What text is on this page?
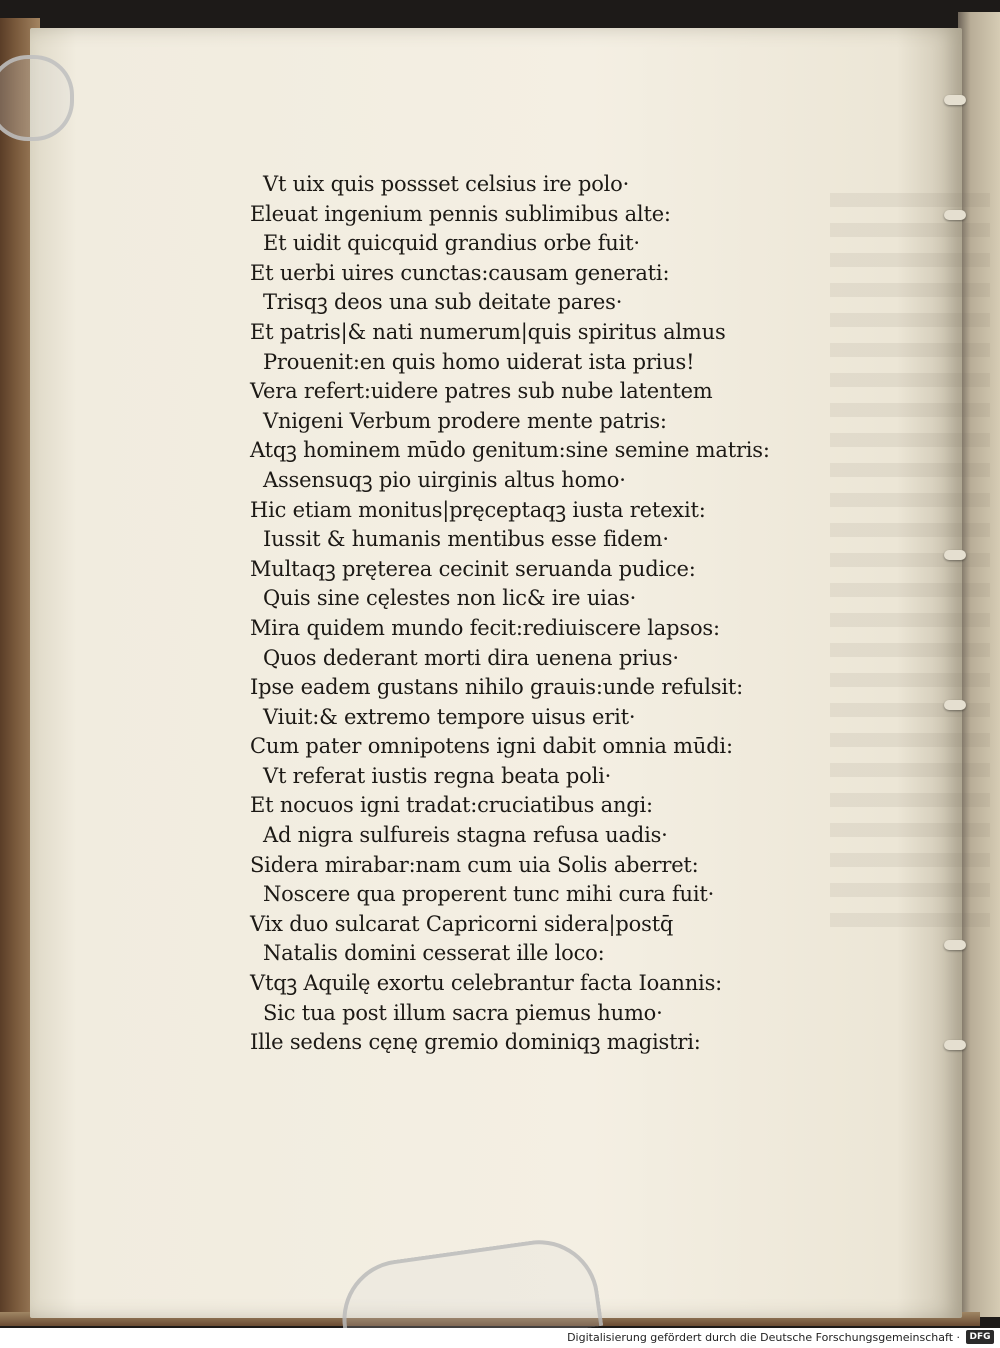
Vt uix quis possset celsius ire polo·
Eleuat ingenium pennis sublimibus alte:
Et uidit quicquid grandius orbe fuit·
Et uerbi uires cunctas:causam generati:
Trisqꝫ deos una sub deitate pares·
Et patris|& nati numerum|quis spiritus almus
Prouenit:en quis homo uiderat ista prius!
Vera refert:uidere patres sub nube latentem
Vnigeni Verbum prodere mente patris:
Atqꝫ hominem mūdo genitum:sine semine matris:
Assensuqꝫ pio uirginis altus homo·
Hic etiam monitus|pręceptaqꝫ iusta retexit:
Iussit & humanis mentibus esse fidem·
Multaqꝫ pręterea cecinit seruanda pudice:
Quis sine cęlestes non lic& ire uias·
Mira quidem mundo fecit:rediuiscere lapsos:
Quos dederant morti dira uenena prius·
Ipse eadem gustans nihilo grauis:unde refulsit:
Viuit:& extremo tempore uisus erit·
Cum pater omnipotens igni dabit omnia mūdi:
Vt referat iustis regna beata poli·
Et nocuos igni tradat:cruciatibus angi:
Ad nigra sulfureis stagna refusa uadis·
Sidera mirabar:nam cum uia Solis aberret:
Noscere qua properent tunc mihi cura fuit·
Vix duo sulcarat Capricorni sidera|postq̄
Natalis domini cesserat ille loco:
Vtqꝫ Aquilę exortu celebrantur facta Ioannis:
Sic tua post illum sacra piemus humo·
Ille sedens cęnę gremio dominiqꝫ magistri:
Digitalisierung gefördert durch die Deutsche Forschungsgemeinschaft ·	DFG
